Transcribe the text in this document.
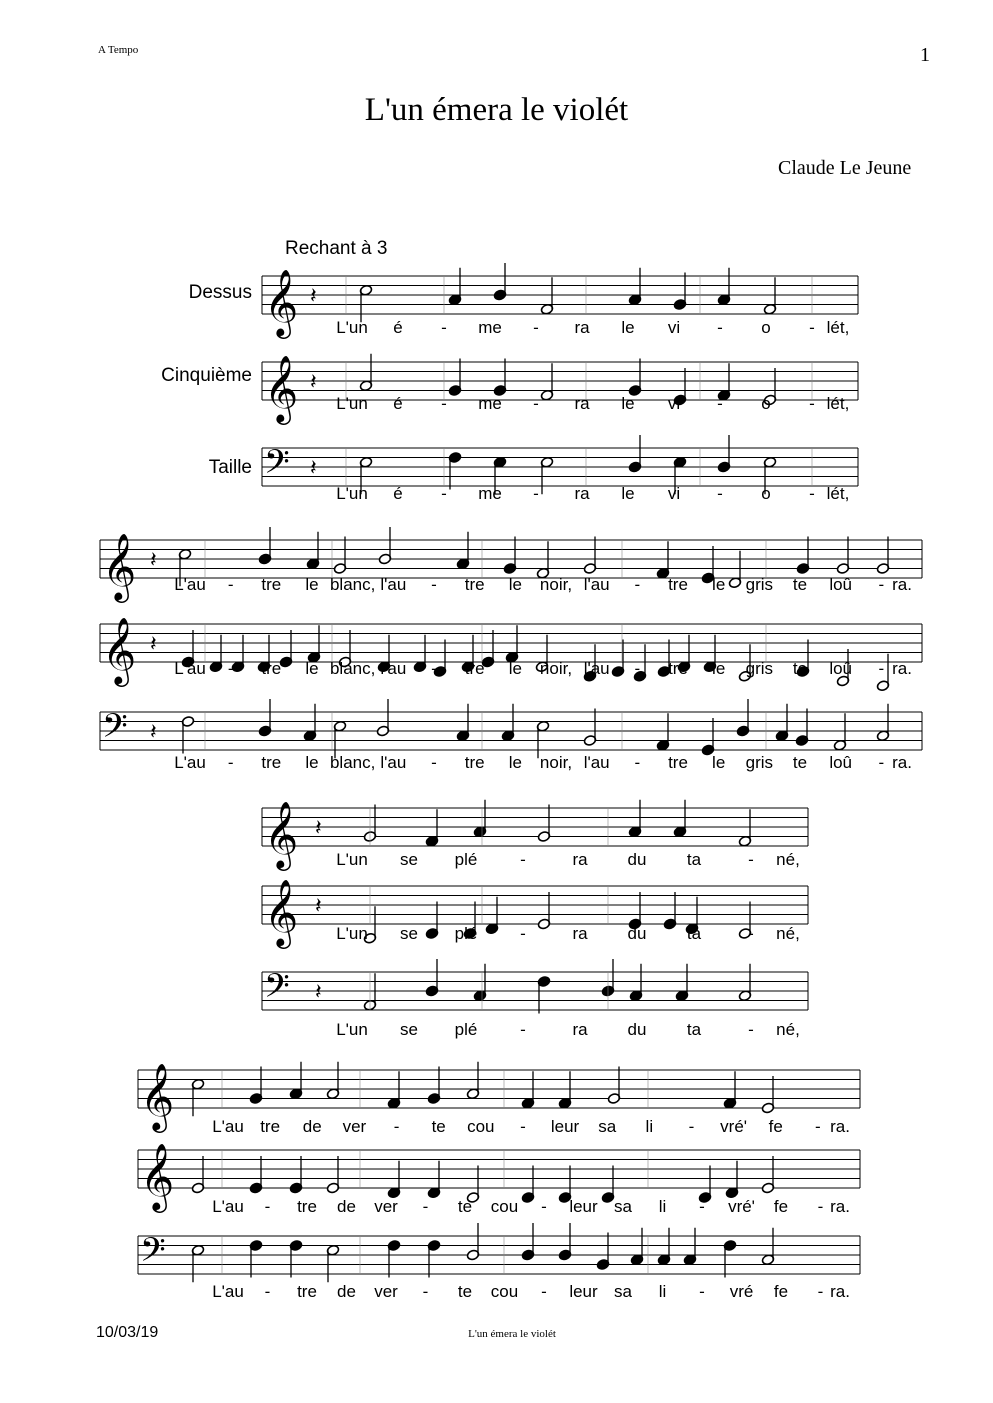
A Tempo	1
L'un émera le violét
Claude Le Jeune
Rechant à 3
Dessus
Cinquième
Taille
𝄞 𝄽
L'un é - me - ra le vi - o - lét,
𝄞 𝄽
L'un é - me - ra le vi - o - lét,
𝄢 𝄽
L'un é - me - ra le vi - o - lét,
𝄞 𝄽
L'au - tre le blanc, l'au - tre le noir, l'au - tre le gris te loû - ra.
𝄞 𝄽
L'au - tre le blanc, l'au - tre le noir, l'au - tre le gris te loû - ra.
𝄢 𝄽
L'au - tre le blanc, l'au - tre le noir, l'au - tre le gris te loû - ra.
𝄞 𝄽
L'un se plé	-	ra du ta	- né,
𝄞 𝄽
L'un se plé	-	ra du ta	- né,
𝄢 𝄽
L'un se plé	-	ra du ta	- né,
𝄞 L'au tre de ver - te cou - leur sa li - vré' fe - ra.
𝄞 L'au - tre de ver - te cou - leur sa li - vré' fe - ra.
𝄢
L'au - tre de ver - te cou - leur sa li - vré fe - ra.
10/03/19	L'un émera le violét
